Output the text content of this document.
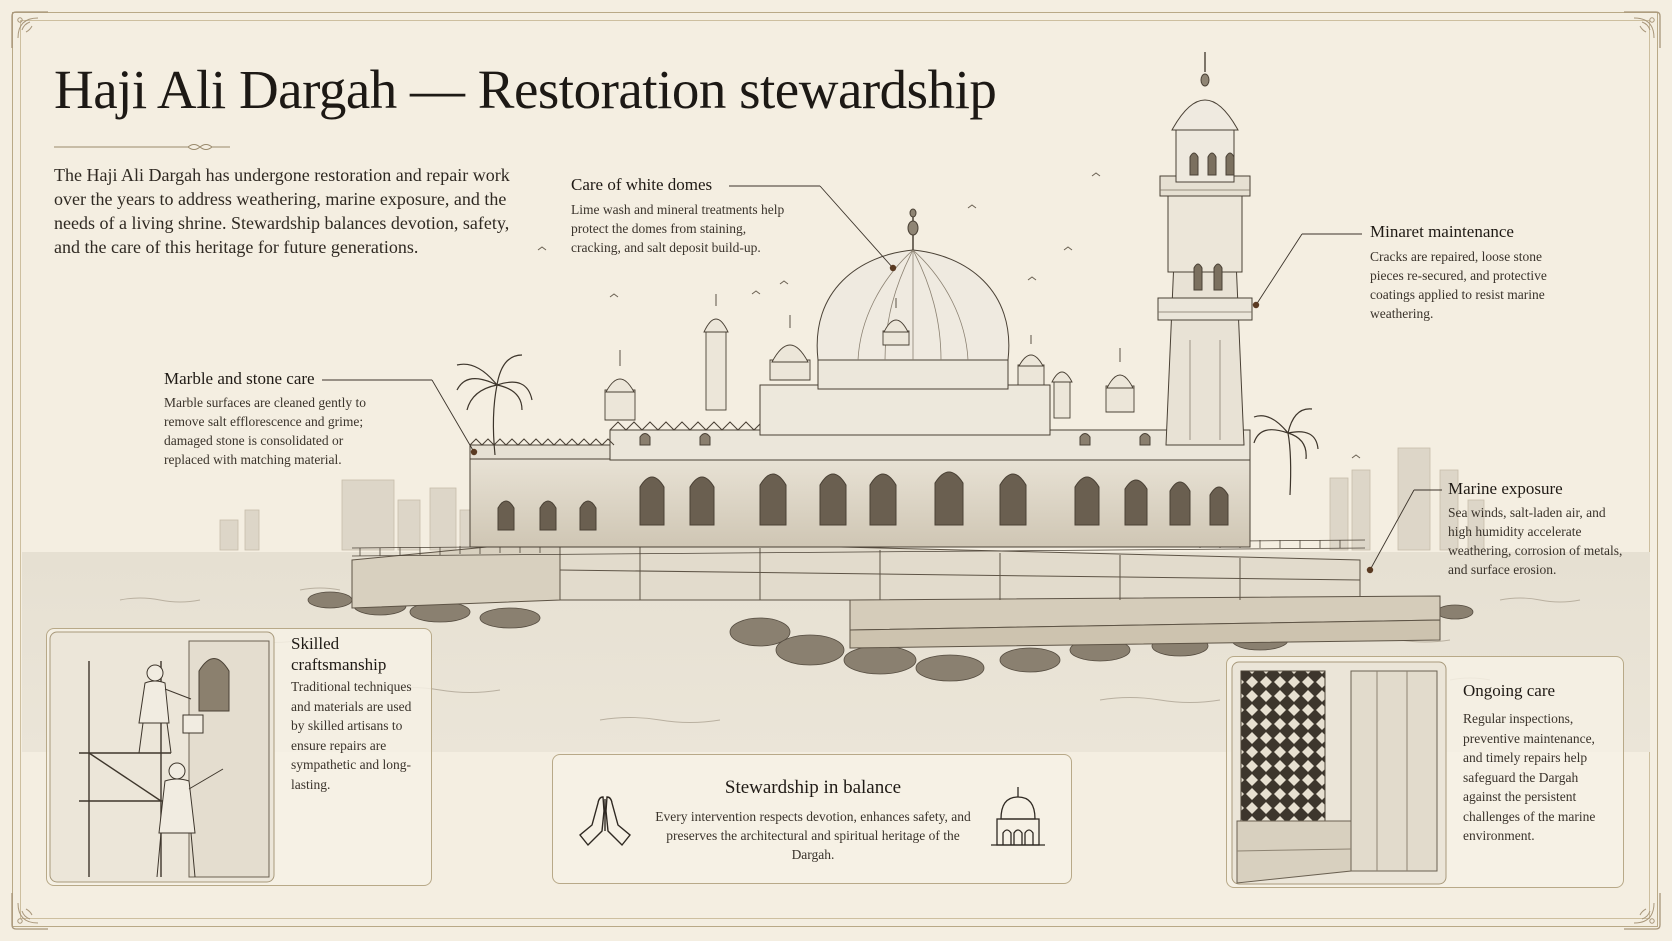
Haji Ali Dargah — Restoration stewardship
The Haji Ali Dargah has undergone restoration and repair work over the years to address weathering, marine exposure, and the needs of a living shrine. Stewardship balances devotion, safety, and the care of this heritage for future generations.
Care of white domes
Lime wash and mineral treatments help protect the domes from staining, cracking, and salt deposit build-up.
Minaret maintenance
Cracks are repaired, loose stone pieces re-secured, and protective coatings applied to resist marine weathering.
Marble and stone care
Marble surfaces are cleaned gently to remove salt efflorescence and grime; damaged stone is consolidated or replaced with matching material.
Marine exposure
Sea winds, salt-laden air, and high humidity accelerate weathering, corrosion of metals, and surface erosion.
Skilled craftsmanship
Traditional techniques and materials are used by skilled artisans to ensure repairs are sympathetic and long-lasting.	Stewardship in balance
Every intervention respects devotion, enhances safety, and preserves the architectural and spiritual heritage of the Dargah.
Ongoing care
Regular inspections, preventive maintenance, and timely repairs help safeguard the Dargah against the persistent challenges of the marine environment.
